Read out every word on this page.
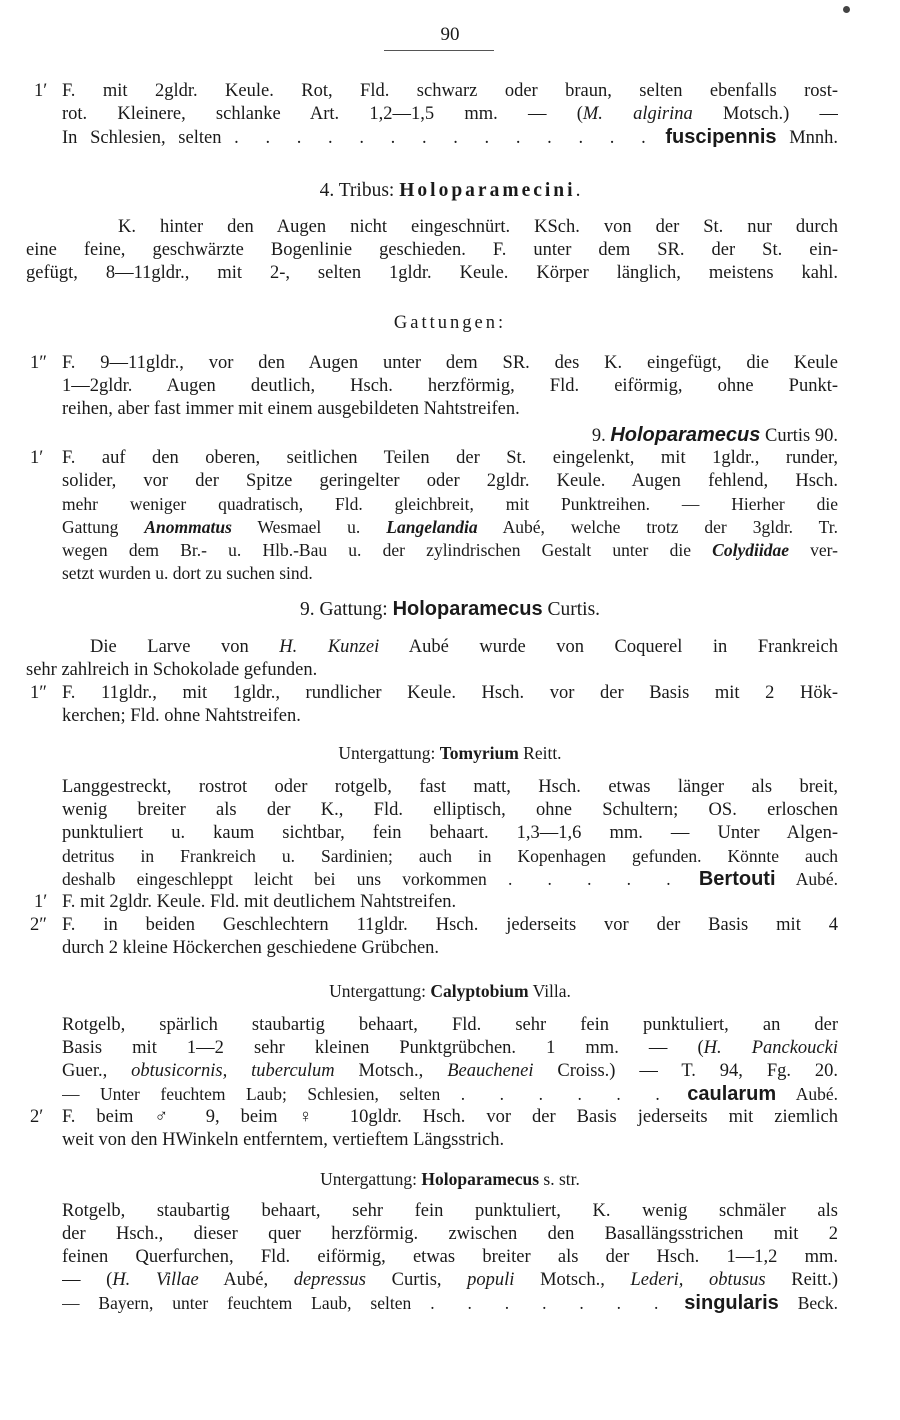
90
1′ F. mit 2gldr. Keule. Rot, Fld. schwarz oder braun, selten ebenfalls rost-
rot. Kleinere, schlanke Art. 1,2—1,5 mm. — (M. algirina Motsch.) —
In Schlesien, selten . . . . . . . . . . . . . . fuscipennis Mnnh.
4. Tribus: Holoparamecini.
K. hinter den Augen nicht eingeschnürt. KSch. von der St. nur durch
eine feine, geschwärzte Bogenlinie geschieden. F. unter dem SR. der St. ein-
gefügt, 8—11gldr., mit 2-, selten 1gldr. Keule. Körper länglich, meistens kahl.
Gattungen:
1″ F. 9—11gldr., vor den Augen unter dem SR. des K. eingefügt, die Keule
1—2gldr. Augen deutlich, Hsch. herzförmig, Fld. eiförmig, ohne Punkt-
reihen, aber fast immer mit einem ausgebildeten Nahtstreifen.
9. Holoparamecus Curtis 90.
1′	F. auf den oberen, seitlichen Teilen der St. eingelenkt, mit 1gldr., runder,
solider, vor der Spitze geringelter oder 2gldr. Keule. Augen fehlend, Hsch.
mehr weniger quadratisch, Fld. gleichbreit, mit Punktreihen. — Hierher die
Gattung Anommatus Wesmael u. Langelandia Aubé, welche trotz der 3gldr. Tr.
wegen dem Br.- u. Hlb.-Bau u. der zylindrischen Gestalt unter die Colydiidae ver-
setzt wurden u. dort zu suchen sind.
9. Gattung: Holoparamecus Curtis.
Die Larve von H. Kunzei Aubé wurde von Coquerel in Frankreich
sehr zahlreich in Schokolade gefunden.
1″ F. 11gldr., mit 1gldr., rundlicher Keule. Hsch. vor der Basis mit 2 Hök-
kerchen; Fld. ohne Nahtstreifen.
Untergattung: Tomyrium Reitt.
Langgestreckt, rostrot oder rotgelb, fast matt, Hsch. etwas länger als breit,
wenig breiter als der K., Fld. elliptisch, ohne Schultern; OS. erloschen
punktuliert u. kaum sichtbar, fein behaart. 1,3—1,6 mm. — Unter Algen-
detritus in Frankreich u. Sardinien; auch in Kopenhagen gefunden. Könnte auch
deshalb eingeschleppt leicht bei uns vorkommen . . . . . Bertouti Aubé.
1′ F. mit 2gldr. Keule. Fld. mit deutlichem Nahtstreifen.
2″ F. in beiden Geschlechtern 11gldr. Hsch. jederseits vor der Basis mit 4
durch 2 kleine Höckerchen geschiedene Grübchen.
Untergattung: Calyptobium Villa.
Rotgelb, spärlich staubartig behaart, Fld. sehr fein punktuliert, an der
Basis mit 1—2 sehr kleinen Punktgrübchen. 1 mm. — (H. Panckoucki
Guer., obtusicornis, tuberculum Motsch., Beauchenei Croiss.) — T. 94, Fg. 20.
— Unter feuchtem Laub; Schlesien, selten . . . . . . caularum Aubé.
2′	F. beim ♂ 9, beim ♀ 10gldr. Hsch. vor der Basis jederseits mit ziemlich
weit von den HWinkeln entferntem, vertieftem Längsstrich.
Untergattung: Holoparamecus s. str.
Rotgelb, staubartig behaart, sehr fein punktuliert, K. wenig schmäler als
der Hsch., dieser quer herzförmig. zwischen den Basallängsstrichen mit 2
feinen Querfurchen, Fld. eiförmig, etwas breiter als der Hsch. 1—1,2 mm.
— (H. Villae Aubé, depressus Curtis, populi Motsch., Lederi, obtusus Reitt.)
— Bayern, unter feuchtem Laub, selten . . . . . . . singularis Beck.
